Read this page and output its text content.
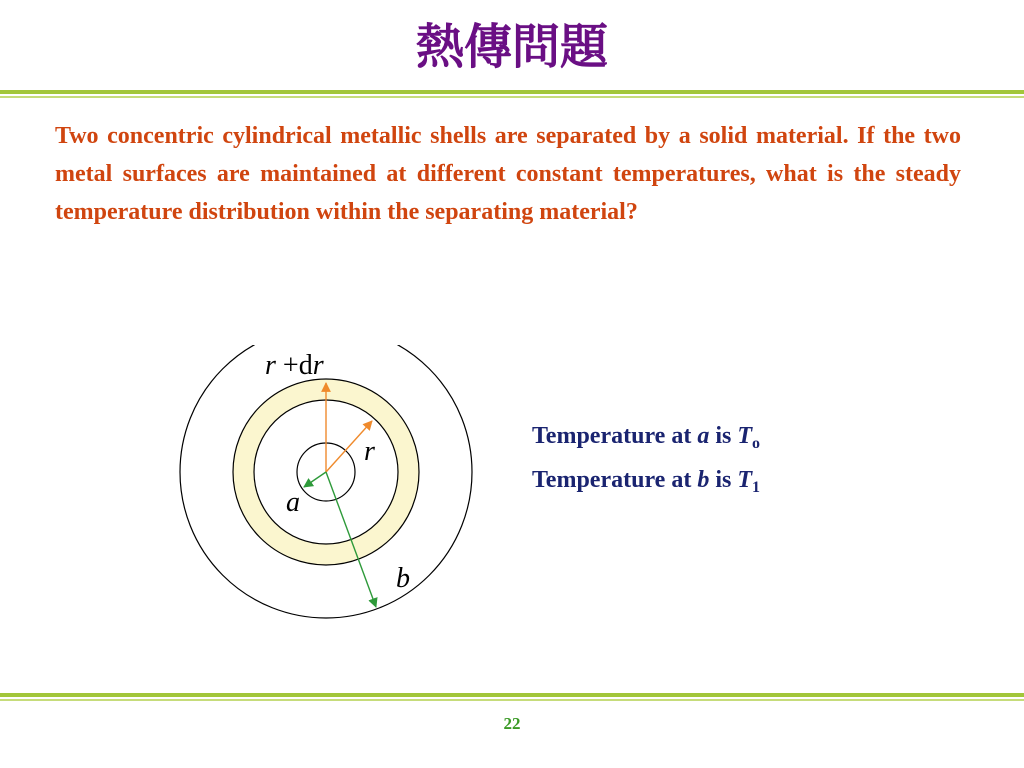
熱傳問題
Two concentric cylindrical metallic shells are separated by a solid material. If the two metal surfaces are maintained at different constant temperatures, what is the steady temperature distribution within the separating material?
r +dr
r
a
b
Temperature at a is $T_o$
Temperature at b is $T_1$
22
